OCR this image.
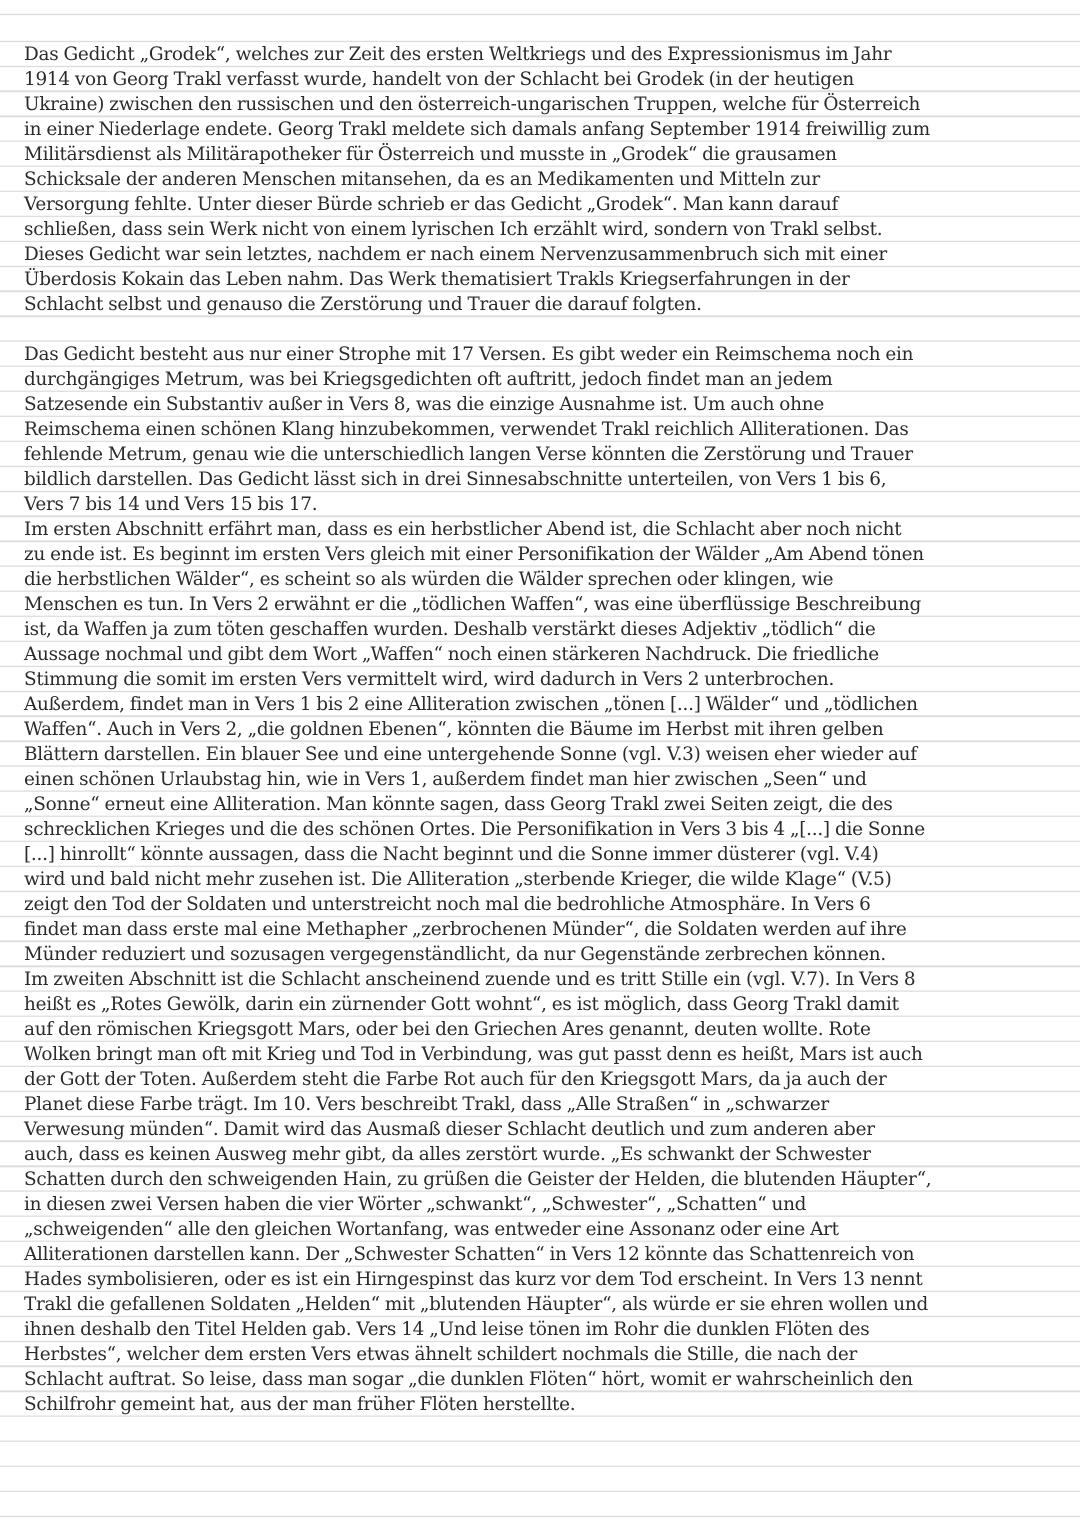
Das Gedicht „Grodek“, welches zur Zeit des ersten Weltkriegs und des Expressionismus im Jahr
1914 von Georg Trakl verfasst wurde, handelt von der Schlacht bei Grodek (in der heutigen
Ukraine) zwischen den russischen und den österreich-ungarischen Truppen, welche für Österreich
in einer Niederlage endete. Georg Trakl meldete sich damals anfang September 1914 freiwillig zum
Militärsdienst als Militärapotheker für Österreich und musste in „Grodek“ die grausamen
Schicksale der anderen Menschen mitansehen, da es an Medikamenten und Mitteln zur
Versorgung fehlte. Unter dieser Bürde schrieb er das Gedicht „Grodek“. Man kann darauf
schließen, dass sein Werk nicht von einem lyrischen Ich erzählt wird, sondern von Trakl selbst.
Dieses Gedicht war sein letztes, nachdem er nach einem Nervenzusammenbruch sich mit einer
Überdosis Kokain das Leben nahm. Das Werk thematisiert Trakls Kriegserfahrungen in der
Schlacht selbst und genauso die Zerstörung und Trauer die darauf folgten.

Das Gedicht besteht aus nur einer Strophe mit 17 Versen. Es gibt weder ein Reimschema noch ein
durchgängiges Metrum, was bei Kriegsgedichten oft auftritt, jedoch findet man an jedem
Satzesende ein Substantiv außer in Vers 8, was die einzige Ausnahme ist. Um auch ohne
Reimschema einen schönen Klang hinzubekommen, verwendet Trakl reichlich Alliterationen. Das
fehlende Metrum, genau wie die unterschiedlich langen Verse könnten die Zerstörung und Trauer
bildlich darstellen. Das Gedicht lässt sich in drei Sinnesabschnitte unterteilen, von Vers 1 bis 6,
Vers 7 bis 14 und Vers 15 bis 17.

Im ersten Abschnitt erfährt man, dass es ein herbstlicher Abend ist, die Schlacht aber noch nicht
zu ende ist. Es beginnt im ersten Vers gleich mit einer Personifikation der Wälder „Am Abend tönen
die herbstlichen Wälder“, es scheint so als würden die Wälder sprechen oder klingen, wie
Menschen es tun. In Vers 2 erwähnt er die „tödlichen Waffen“, was eine überflüssige Beschreibung
ist, da Waffen ja zum töten geschaffen wurden. Deshalb verstärkt dieses Adjektiv „tödlich“ die
Aussage nochmal und gibt dem Wort „Waffen“ noch einen stärkeren Nachdruck. Die friedliche
Stimmung die somit im ersten Vers vermittelt wird, wird dadurch in Vers 2 unterbrochen.
Außerdem, findet man in Vers 1 bis 2 eine Alliteration zwischen „tönen [...] Wälder“ und „tödlichen
Waffen“. Auch in Vers 2, „die goldnen Ebenen“, könnten die Bäume im Herbst mit ihren gelben
Blättern darstellen. Ein blauer See und eine untergehende Sonne (vgl. V.3) weisen eher wieder auf
einen schönen Urlaubstag hin, wie in Vers 1, außerdem findet man hier zwischen „Seen“ und
„Sonne“ erneut eine Alliteration. Man könnte sagen, dass Georg Trakl zwei Seiten zeigt, die des
schrecklichen Krieges und die des schönen Ortes. Die Personifikation in Vers 3 bis 4 „[...] die Sonne
[...] hinrollt“ könnte aussagen, dass die Nacht beginnt und die Sonne immer düsterer (vgl. V.4)
wird und bald nicht mehr zusehen ist. Die Alliteration „sterbende Krieger, die wilde Klage“ (V.5)
zeigt den Tod der Soldaten und unterstreicht noch mal die bedrohliche Atmosphäre. In Vers 6
findet man dass erste mal eine Methapher „zerbrochenen Münder“, die Soldaten werden auf ihre
Münder reduziert und sozusagen vergegenständlicht, da nur Gegenstände zerbrechen können.

Im zweiten Abschnitt ist die Schlacht anscheinend zuende und es tritt Stille ein (vgl. V.7). In Vers 8
heißt es „Rotes Gewölk, darin ein zürnender Gott wohnt“, es ist möglich, dass Georg Trakl damit
auf den römischen Kriegsgott Mars, oder bei den Griechen Ares genannt, deuten wollte. Rote
Wolken bringt man oft mit Krieg und Tod in Verbindung, was gut passt denn es heißt, Mars ist auch
der Gott der Toten. Außerdem steht die Farbe Rot auch für den Kriegsgott Mars, da ja auch der
Planet diese Farbe trägt. Im 10. Vers beschreibt Trakl, dass „Alle Straßen“ in „schwarzer
Verwesung münden“. Damit wird das Ausmaß dieser Schlacht deutlich und zum anderen aber
auch, dass es keinen Ausweg mehr gibt, da alles zerstört wurde. „Es schwankt der Schwester
Schatten durch den schweigenden Hain, zu grüßen die Geister der Helden, die blutenden Häupter“,
in diesen zwei Versen haben die vier Wörter „schwankt“, „Schwester“, „Schatten“ und
„schweigenden“ alle den gleichen Wortanfang, was entweder eine Assonanz oder eine Art
Alliterationen darstellen kann. Der „Schwester Schatten“ in Vers 12 könnte das Schattenreich von
Hades symbolisieren, oder es ist ein Hirngespinst das kurz vor dem Tod erscheint. In Vers 13 nennt
Trakl die gefallenen Soldaten „Helden“ mit „blutenden Häupter“, als würde er sie ehren wollen und
ihnen deshalb den Titel Helden gab. Vers 14 „Und leise tönen im Rohr die dunklen Flöten des
Herbstes“, welcher dem ersten Vers etwas ähnelt schildert nochmals die Stille, die nach der
Schlacht auftrat. So leise, dass man sogar „die dunklen Flöten“ hört, womit er wahrscheinlich den
Schilfrohr gemeint hat, aus der man früher Flöten herstellte.
